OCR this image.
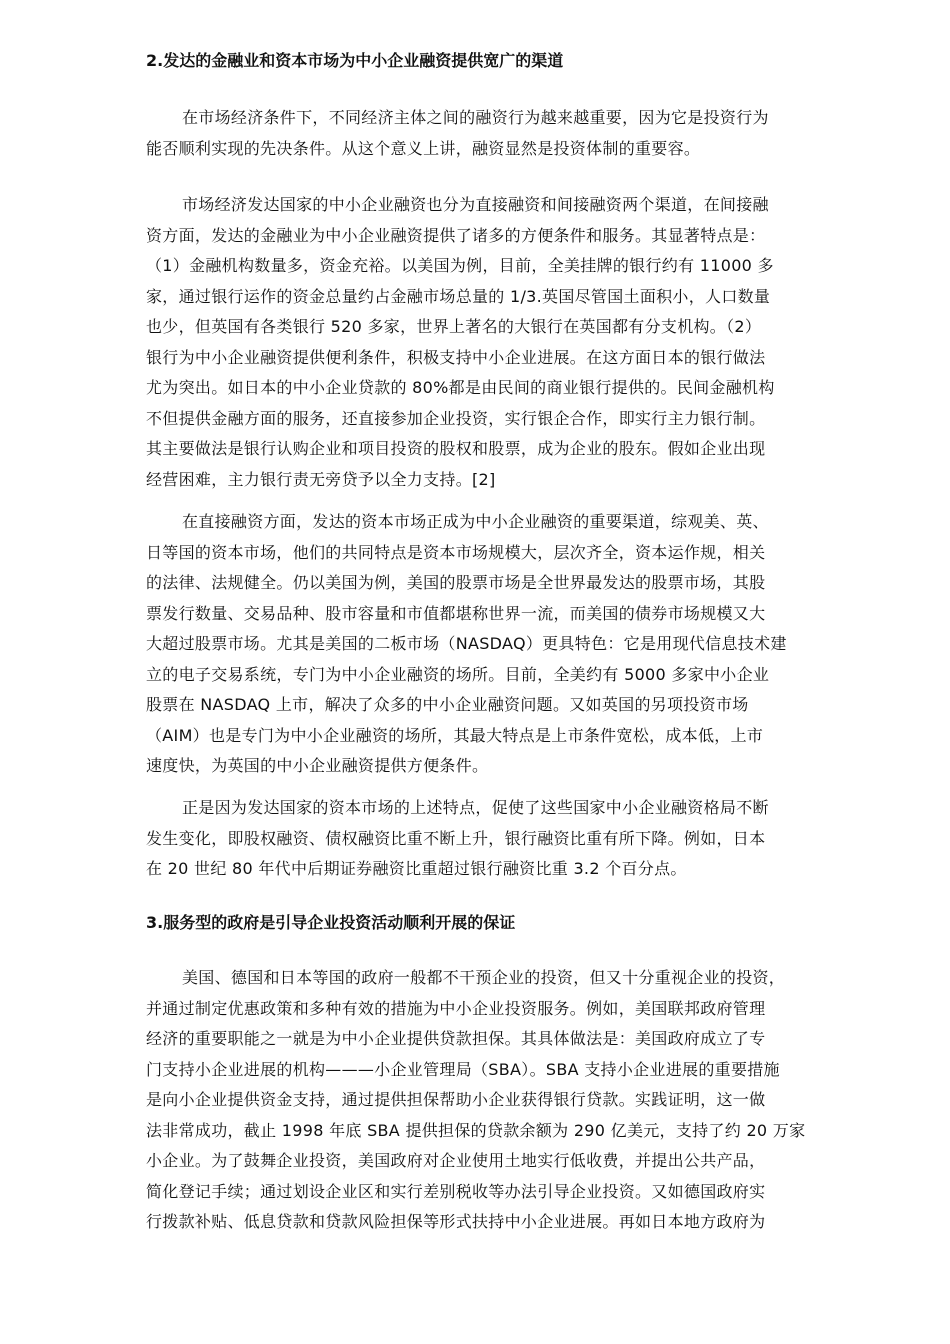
2.发达的金融业和资本市场为中小企业融资提供宽广的渠道
在市场经济条件下，不同经济主体之间的融资行为越来越重要，因为它是投资行为
能否顺利实现的先决条件。从这个意义上讲，融资显然是投资体制的重要容。
市场经济发达国家的中小企业融资也分为直接融资和间接融资两个渠道，在间接融
资方面，发达的金融业为中小企业融资提供了诸多的方便条件和服务。其显著特点是：
（1）金融机构数量多，资金充裕。以美国为例，目前，全美挂牌的银行约有 11000 多
家，通过银行运作的资金总量约占金融市场总量的 1/3.英国尽管国土面积小，人口数量
也少，但英国有各类银行 520 多家，世界上著名的大银行在英国都有分支机构。（2）
银行为中小企业融资提供便利条件，积极支持中小企业进展。在这方面日本的银行做法
尤为突出。如日本的中小企业贷款的 80%都是由民间的商业银行提供的。民间金融机构
不但提供金融方面的服务，还直接参加企业投资，实行银企合作，即实行主力银行制。
其主要做法是银行认购企业和项目投资的股权和股票，成为企业的股东。假如企业出现
经营困难，主力银行责无旁贷予以全力支持。[2]
在直接融资方面，发达的资本市场正成为中小企业融资的重要渠道，综观美、英、
日等国的资本市场，他们的共同特点是资本市场规模大，层次齐全，资本运作规，相关
的法律、法规健全。仍以美国为例，美国的股票市场是全世界最发达的股票市场，其股
票发行数量、交易品种、股市容量和市值都堪称世界一流，而美国的债券市场规模又大
大超过股票市场。尤其是美国的二板市场（NASDAQ）更具特色：它是用现代信息技术建
立的电子交易系统，专门为中小企业融资的场所。目前，全美约有 5000 多家中小企业
股票在 NASDAQ 上市，解决了众多的中小企业融资问题。又如英国的另项投资市场
（AIM）也是专门为中小企业融资的场所，其最大特点是上市条件宽松，成本低，上市
速度快，为英国的中小企业融资提供方便条件。
正是因为发达国家的资本市场的上述特点，促使了这些国家中小企业融资格局不断
发生变化，即股权融资、债权融资比重不断上升，银行融资比重有所下降。例如，日本
在 20 世纪 80 年代中后期证券融资比重超过银行融资比重 3.2 个百分点。
3.服务型的政府是引导企业投资活动顺利开展的保证
美国、德国和日本等国的政府一般都不干预企业的投资，但又十分重视企业的投资，
并通过制定优惠政策和多种有效的措施为中小企业投资服务。例如，美国联邦政府管理
经济的重要职能之一就是为中小企业提供贷款担保。其具体做法是：美国政府成立了专
门支持小企业进展的机构———小企业管理局（SBA）。SBA 支持小企业进展的重要措施
是向小企业提供资金支持，通过提供担保帮助小企业获得银行贷款。实践证明，这一做
法非常成功，截止 1998 年底 SBA 提供担保的贷款余额为 290 亿美元，支持了约 20 万家
小企业。为了鼓舞企业投资，美国政府对企业使用土地实行低收费，并提出公共产品，
简化登记手续；通过划设企业区和实行差别税收等办法引导企业投资。又如德国政府实
行拨款补贴、低息贷款和贷款风险担保等形式扶持中小企业进展。再如日本地方政府为
